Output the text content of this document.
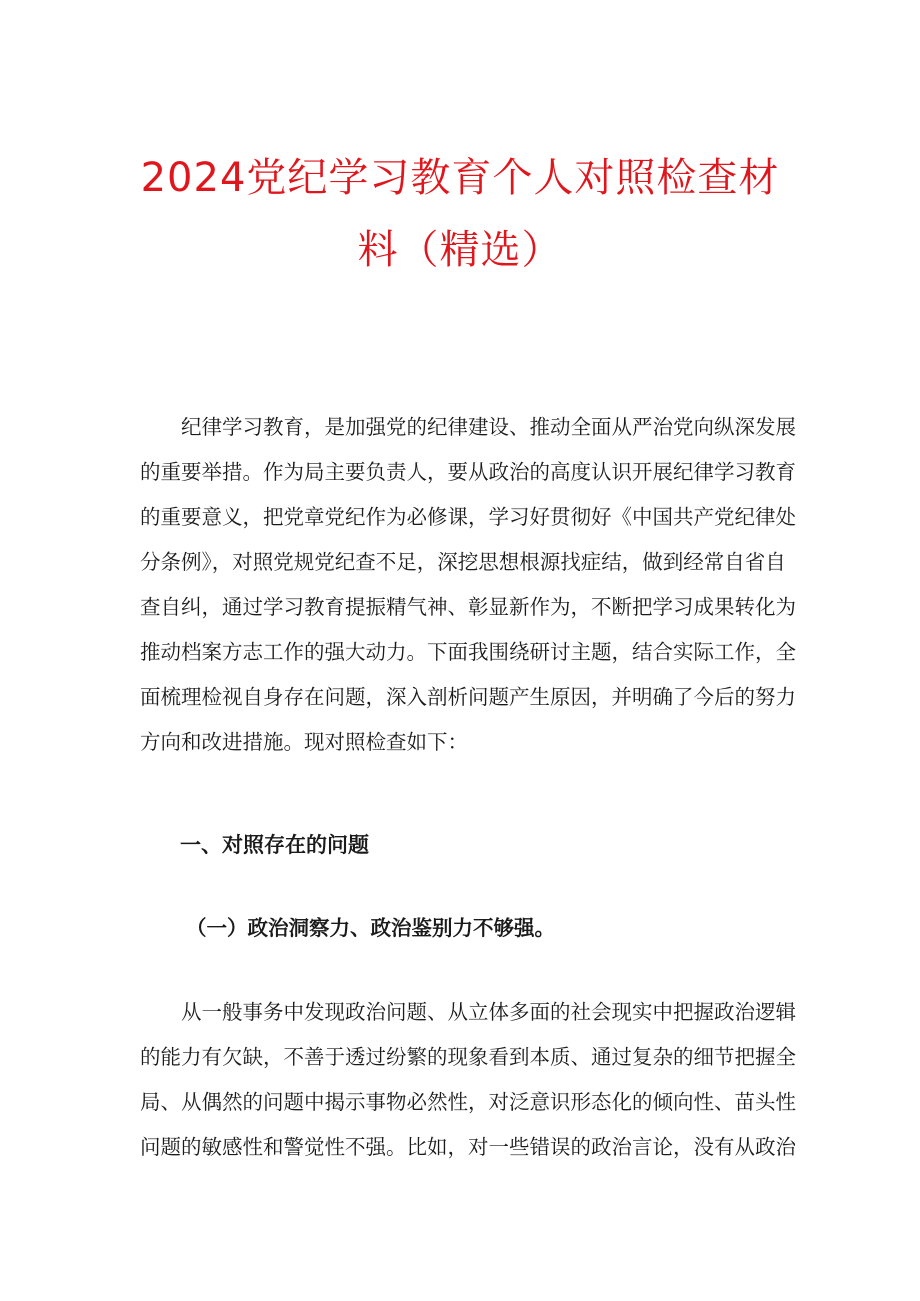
2024党纪学习教育个人对照检查材
料（精选）
纪律学习教育，是加强党的纪律建设、推动全面从严治党向纵深发展
的重要举措。作为局主要负责人，要从政治的高度认识开展纪律学习教育
的重要意义，把党章党纪作为必修课，学习好贯彻好《中国共产党纪律处
分条例》，对照党规党纪查不足，深挖思想根源找症结，做到经常自省自
查自纠，通过学习教育提振精气神、彰显新作为，不断把学习成果转化为
推动档案方志工作的强大动力。下面我围绕研讨主题，结合实际工作，全
面梳理检视自身存在问题，深入剖析问题产生原因，并明确了今后的努力
方向和改进措施。现对照检查如下：
一、对照存在的问题
（一）政治洞察力、政治鉴别力不够强。
从一般事务中发现政治问题、从立体多面的社会现实中把握政治逻辑
的能力有欠缺，不善于透过纷繁的现象看到本质、通过复杂的细节把握全
局、从偶然的问题中揭示事物必然性，对泛意识形态化的倾向性、苗头性
问题的敏感性和警觉性不强。比如，对一些错误的政治言论，没有从政治
